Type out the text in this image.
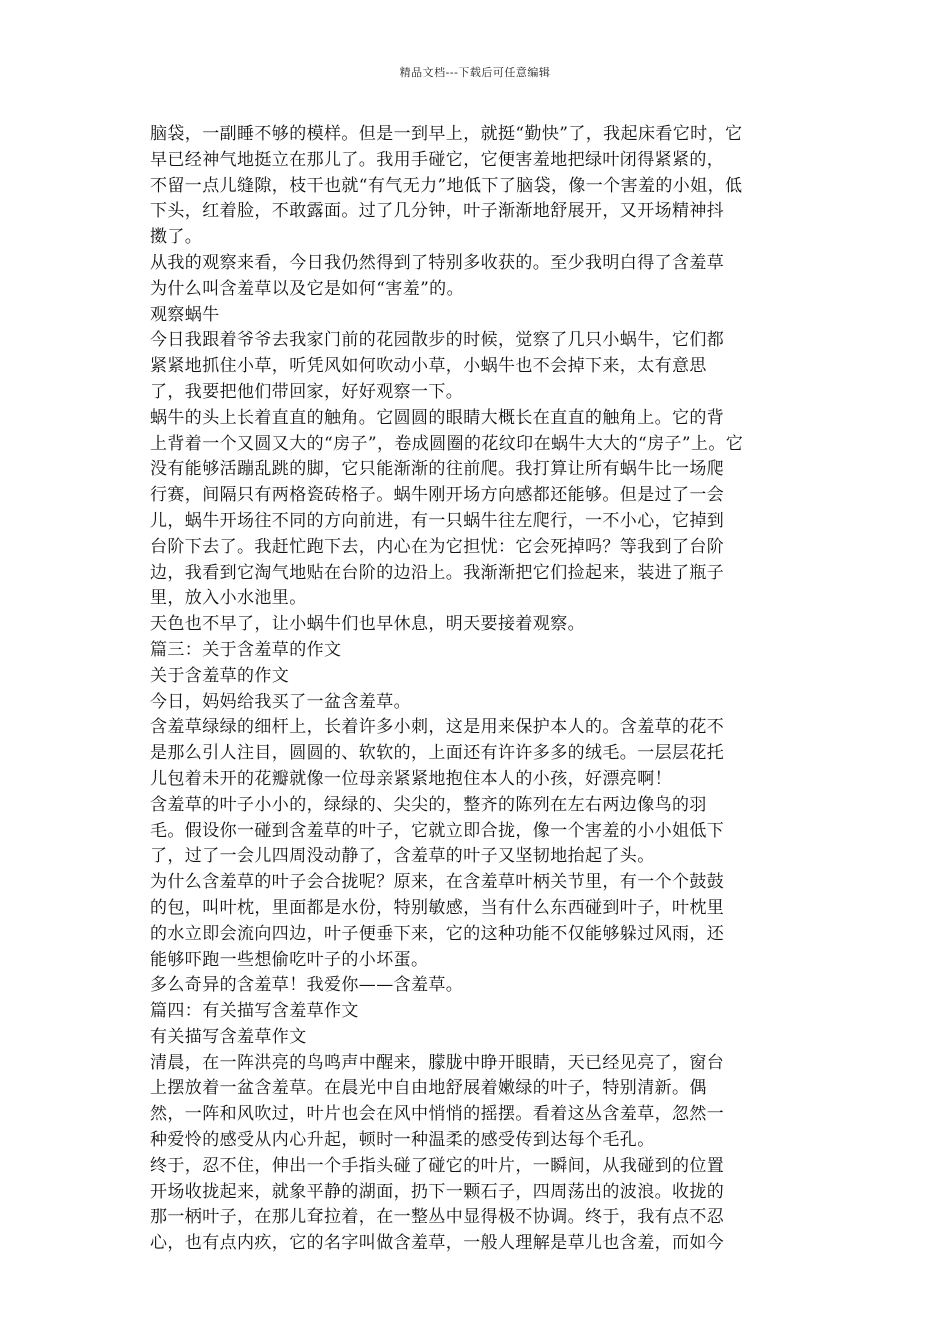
精品文档---下载后可任意编辑
脑袋，一副睡不够的模样。但是一到早上，就挺“勤快”了，我起床看它时，它
早已经神气地挺立在那儿了。我用手碰它，它便害羞地把绿叶闭得紧紧的，
不留一点儿缝隙，枝干也就“有气无力”地低下了脑袋，像一个害羞的小姐，低
下头，红着脸，不敢露面。过了几分钟，叶子渐渐地舒展开，又开场精神抖
擞了。
从我的观察来看，今日我仍然得到了特别多收获的。至少我明白得了含羞草
为什么叫含羞草以及它是如何“害羞”的。
观察蜗牛
今日我跟着爷爷去我家门前的花园散步的时候，觉察了几只小蜗牛，它们都
紧紧地抓住小草，听凭风如何吹动小草，小蜗牛也不会掉下来，太有意思
了，我要把他们带回家，好好观察一下。
蜗牛的头上长着直直的触角。它圆圆的眼睛大概长在直直的触角上。它的背
上背着一个又圆又大的“房子”，卷成圆圈的花纹印在蜗牛大大的“房子”上。它
没有能够活蹦乱跳的脚，它只能渐渐的往前爬。我打算让所有蜗牛比一场爬
行赛，间隔只有两格瓷砖格子。蜗牛刚开场方向感都还能够。但是过了一会
儿，蜗牛开场往不同的方向前进，有一只蜗牛往左爬行，一不小心，它掉到
台阶下去了。我赶忙跑下去，内心在为它担忧：它会死掉吗？等我到了台阶
边，我看到它淘气地贴在台阶的边沿上。我渐渐把它们捡起来，装进了瓶子
里，放入小水池里。
天色也不早了，让小蜗牛们也早休息，明天要接着观察。
篇三：关于含羞草的作文
关于含羞草的作文
今日，妈妈给我买了一盆含羞草。
含羞草绿绿的细杆上，长着许多小刺，这是用来保护本人的。含羞草的花不
是那么引人注目，圆圆的、软软的，上面还有许许多多的绒毛。一层层花托
儿包着未开的花瓣就像一位母亲紧紧地抱住本人的小孩，好漂亮啊！
含羞草的叶子小小的，绿绿的、尖尖的，整齐的陈列在左右两边像鸟的羽
毛。假设你一碰到含羞草的叶子，它就立即合拢，像一个害羞的小小姐低下
了，过了一会儿四周没动静了，含羞草的叶子又坚韧地抬起了头。
为什么含羞草的叶子会合拢呢？原来，在含羞草叶柄关节里，有一个个鼓鼓
的包，叫叶枕，里面都是水份，特别敏感，当有什么东西碰到叶子，叶枕里
的水立即会流向四边，叶子便垂下来，它的这种功能不仅能够躲过风雨，还
能够吓跑一些想偷吃叶子的小坏蛋。
多么奇异的含羞草！我爱你——含羞草。
篇四：有关描写含羞草作文
有关描写含羞草作文
清晨，在一阵洪亮的鸟鸣声中醒来，朦胧中睁开眼睛，天已经见亮了，窗台
上摆放着一盆含羞草。在晨光中自由地舒展着嫩绿的叶子，特别清新。偶
然，一阵和风吹过，叶片也会在风中悄悄的摇摆。看着这丛含羞草，忽然一
种爱怜的感受从内心升起，顿时一种温柔的感受传到达每个毛孔。
终于，忍不住，伸出一个手指头碰了碰它的叶片，一瞬间，从我碰到的位置
开场收拢起来，就象平静的湖面，扔下一颗石子，四周荡出的波浪。收拢的
那一柄叶子，在那儿耷拉着，在一整丛中显得极不协调。终于，我有点不忍
心，也有点内疚，它的名字叫做含羞草，一般人理解是草儿也含羞，而如今
